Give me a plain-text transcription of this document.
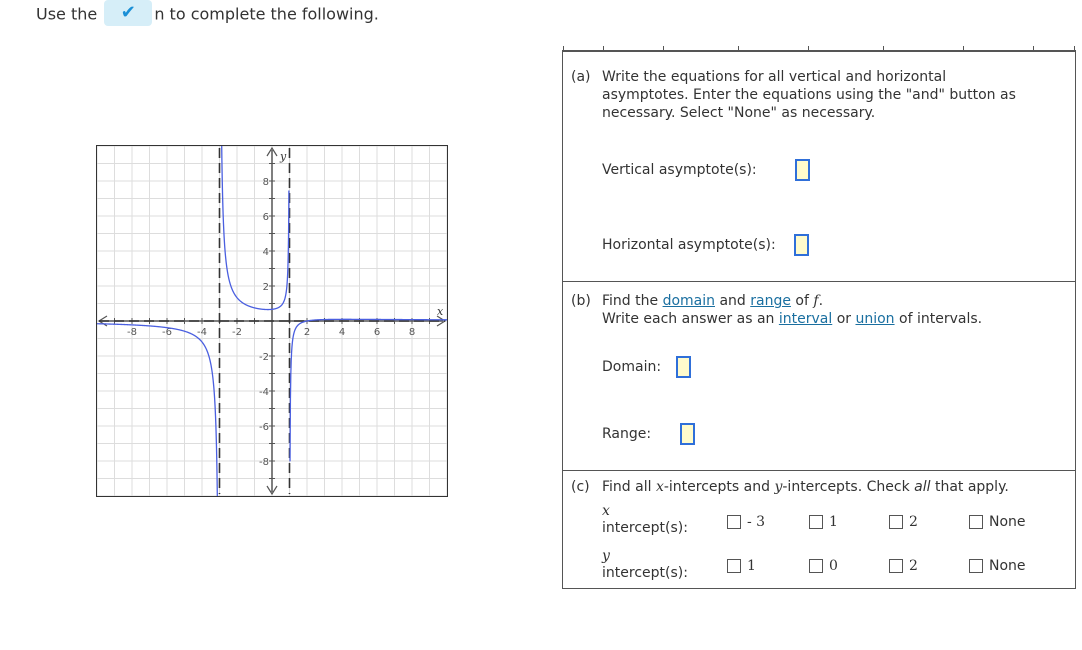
Use the ✔ n to complete the following.
-8	-6	-4	-2	2	4	6	8
8
6
4
2
-2
-4
-6
-8
x
y
(a) Write the equations for all vertical and horizontal
asymptotes. Enter the equations using the "and" button as
necessary. Select "None" as necessary.
Vertical asymptote(s):
Horizontal asymptote(s):
(b) Find the domain and range of f.
Write each answer as an interval or union of intervals.
Domain:
Range:
(c) Find all x-intercepts and y-intercepts. Check all that apply.
x
intercept(s):	- 3	1	2	None
y
intercept(s):	1	0	2	None
